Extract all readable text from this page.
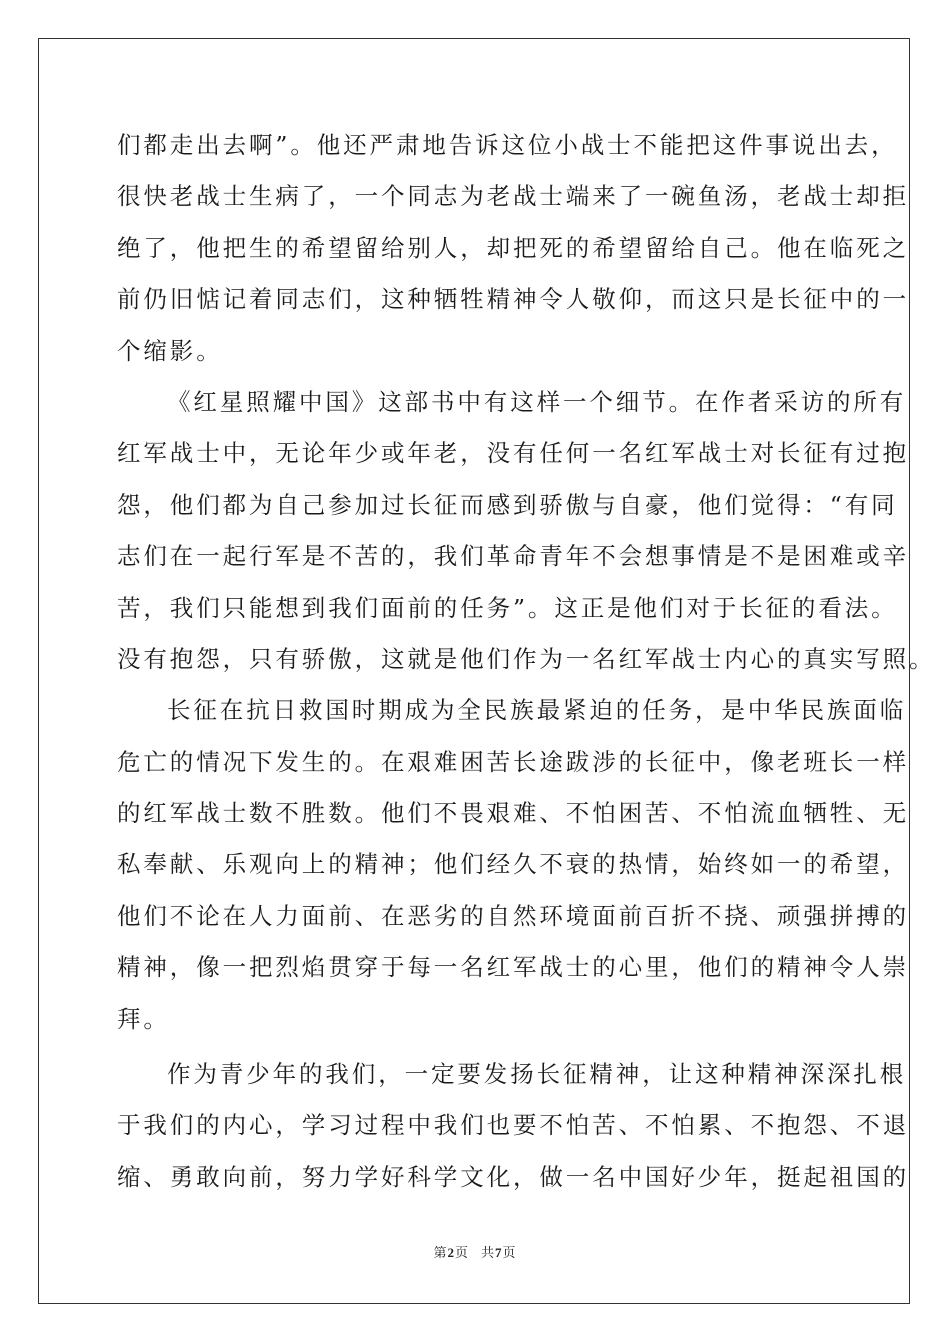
们都走出去啊”。他还严肃地告诉这位小战士不能把这件事说出去，
很快老战士生病了，一个同志为老战士端来了一碗鱼汤，老战士却拒
绝了，他把生的希望留给别人，却把死的希望留给自己。他在临死之
前仍旧惦记着同志们，这种牺牲精神令人敬仰，而这只是长征中的一
个缩影。
《红星照耀中国》这部书中有这样一个细节。在作者采访的所有
红军战士中，无论年少或年老，没有任何一名红军战士对长征有过抱
怨，他们都为自己参加过长征而感到骄傲与自豪，他们觉得：“有同
志们在一起行军是不苦的，我们革命青年不会想事情是不是困难或辛
苦，我们只能想到我们面前的任务”。这正是他们对于长征的看法。
没有抱怨，只有骄傲，这就是他们作为一名红军战士内心的真实写照。
长征在抗日救国时期成为全民族最紧迫的任务，是中华民族面临
危亡的情况下发生的。在艰难困苦长途跋涉的长征中，像老班长一样
的红军战士数不胜数。他们不畏艰难、不怕困苦、不怕流血牺牲、无
私奉献、乐观向上的精神；他们经久不衰的热情，始终如一的希望，
他们不论在人力面前、在恶劣的自然环境面前百折不挠、顽强拼搏的
精神，像一把烈焰贯穿于每一名红军战士的心里，他们的精神令人崇
拜。
作为青少年的我们，一定要发扬长征精神，让这种精神深深扎根
于我们的内心，学习过程中我们也要不怕苦、不怕累、不抱怨、不退
缩、勇敢向前，努力学好科学文化，做一名中国好少年，挺起祖国的
第2页 共7页
